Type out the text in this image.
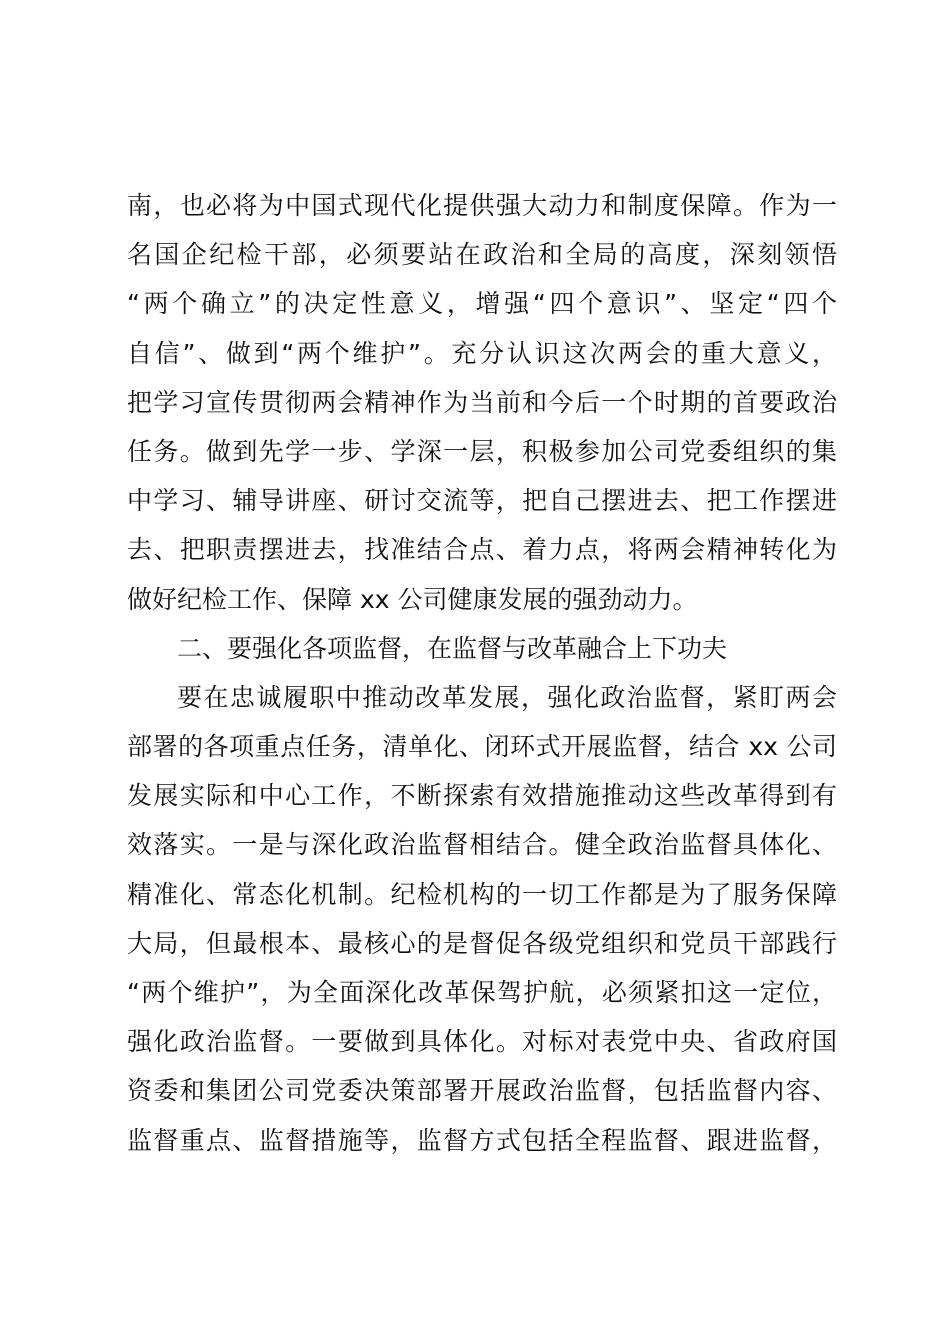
南，也必将为中国式现代化提供强大动力和制度保障。作为一
名国企纪检干部，必须要站在政治和全局的高度，深刻领悟
“两个确立”的决定性意义，增强“四个意识”、坚定“四个
自信”、做到“两个维护”。充分认识这次两会的重大意义，
把学习宣传贯彻两会精神作为当前和今后一个时期的首要政治
任务。做到先学一步、学深一层，积极参加公司党委组织的集
中学习、辅导讲座、研讨交流等，把自己摆进去、把工作摆进
去、把职责摆进去，找准结合点、着力点，将两会精神转化为
做好纪检工作、保障 xx 公司健康发展的强劲动力。
二、要强化各项监督，在监督与改革融合上下功夫
要在忠诚履职中推动改革发展，强化政治监督，紧盯两会
部署的各项重点任务，清单化、闭环式开展监督，结合 xx 公司
发展实际和中心工作，不断探索有效措施推动这些改革得到有
效落实。一是与深化政治监督相结合。健全政治监督具体化、
精准化、常态化机制。纪检机构的一切工作都是为了服务保障
大局，但最根本、最核心的是督促各级党组织和党员干部践行
“两个维护”，为全面深化改革保驾护航，必须紧扣这一定位，
强化政治监督。一要做到具体化。对标对表党中央、省政府国
资委和集团公司党委决策部署开展政治监督，包括监督内容、
监督重点、监督措施等，监督方式包括全程监督、跟进监督，
